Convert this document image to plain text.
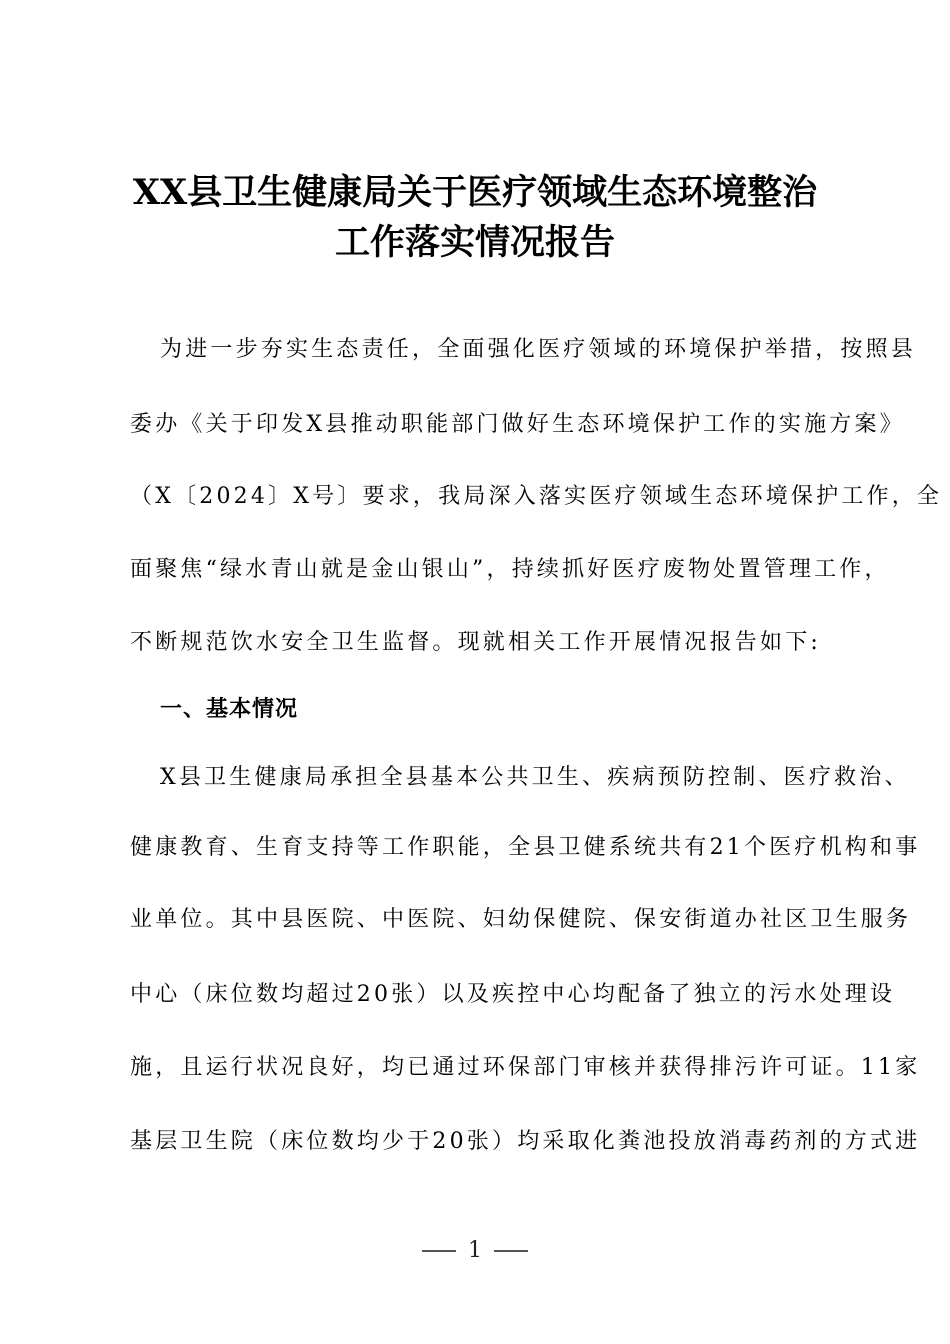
XX县卫生健康局关于医疗领域生态环境整治
工作落实情况报告
为进一步夯实生态责任，全面强化医疗领域的环境保护举措，按照县
委办《关于印发X县推动职能部门做好生态环境保护工作的实施方案》
（X〔2024〕X号〕要求，我局深入落实医疗领域生态环境保护工作，全
面聚焦“绿水青山就是金山银山”，持续抓好医疗废物处置管理工作，
不断规范饮水安全卫生监督。现就相关工作开展情况报告如下:
一、基本情况
X县卫生健康局承担全县基本公共卫生、疾病预防控制、医疗救治、
健康教育、生育支持等工作职能，全县卫健系统共有21个医疗机构和事
业单位。其中县医院、中医院、妇幼保健院、保安街道办社区卫生服务
中心（床位数均超过20张）以及疾控中心均配备了独立的污水处理设
施，且运行状况良好，均已通过环保部门审核并获得排污许可证。11家
基层卫生院（床位数均少于20张）均采取化粪池投放消毒药剂的方式进
1
